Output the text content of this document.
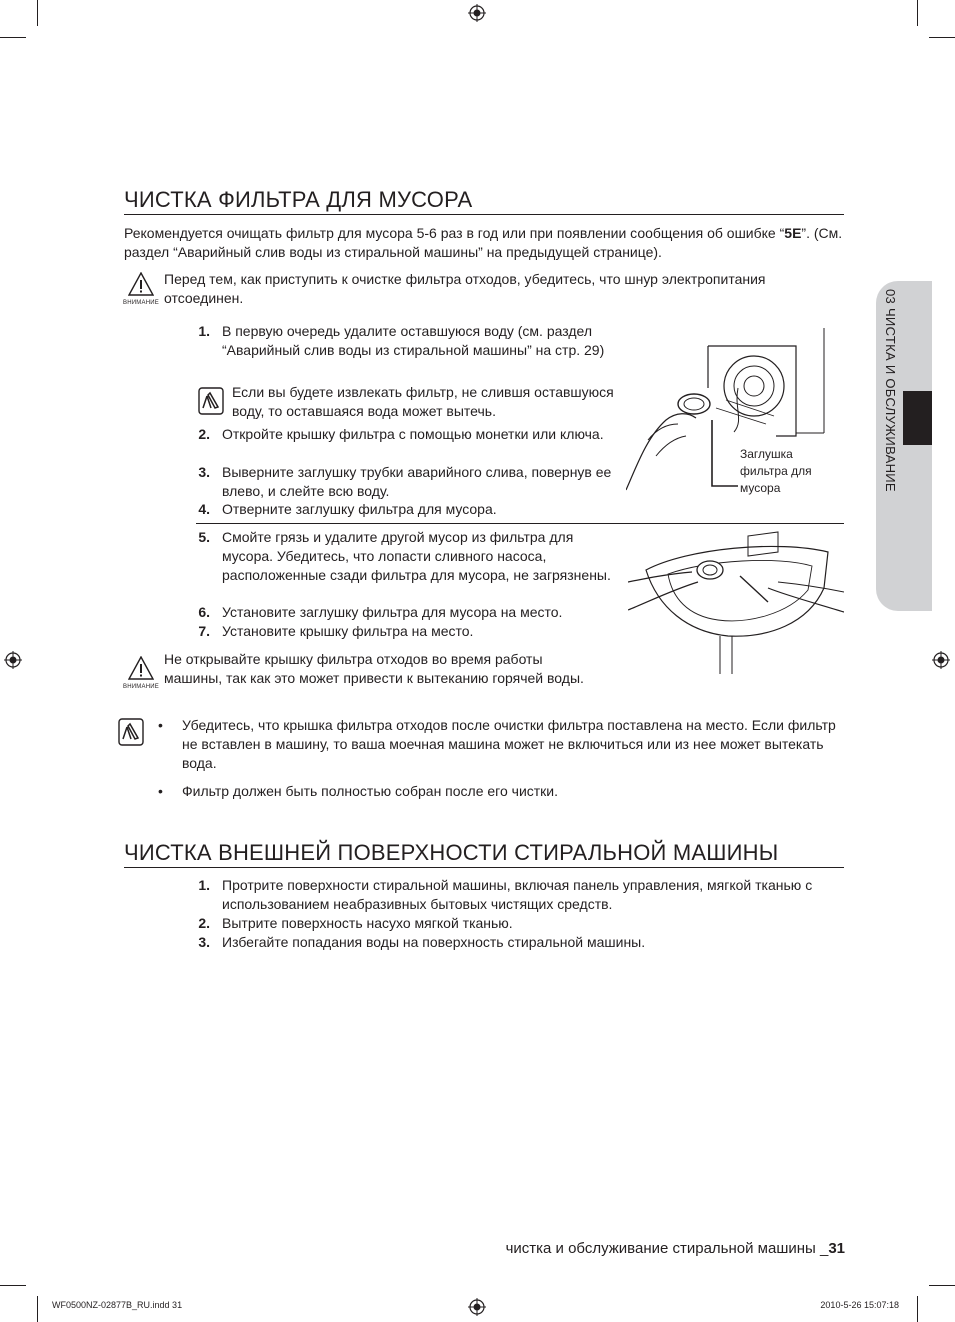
03 ЧИСТКА И ОБСЛУЖИВАНИЕ
ЧИСТКА ФИЛЬТРА ДЛЯ МУСОРА

Рекомендуется очищать фильтр для мусора 5-6 раз в год или при появлении сообщения об ошибке “5E”. (См. раздел “Аварийный слив воды из стиральной машины” на предыдущей странице).

ВНИМАНИЕ

Перед тем, как приступить к очистке фильтра отходов, убедитесь, что шнур электропитания отсоединен.

1. В первую очередь удалите оставшуюся воду (см. раздел “Аварийный слив воды из стиральной машины” на стр. 29)
Если вы будете извлекать фильтр, не слившя оставшуюся воду, то оставшаяся вода может вытечь.
2. Откройте крышку фильтра с помощью монетки или ключа.
3. Выверните заглушку трубки аварийного слива, повернув ее влево, и слейте всю воду.
4. Отверните заглушку фильтра для мусора.
Заглушка фильтра для мусора
5. Смойте грязь и удалите другой мусор из фильтра для мусора. Убедитесь, что лопасти сливного насоса, расположенные сзади фильтра для мусора, не загрязнены.
6. Установите заглушку фильтра для мусора на место.
7. Установите крышку фильтра на место.
ВНИМАНИЕ

Не открывайте крышку фильтра отходов во время работы машины, так как это может привести к вытеканию горячей воды.

• Убедитесь, что крышка фильтра отходов после очистки фильтра поставлена на место. Если фильтр не вставлен в машину, то ваша моечная машина может не включиться или из нее может вытекать вода.
• Фильтр должен быть полностью собран после его чистки.
ЧИСТКА ВНЕШНЕЙ ПОВЕРХНОСТИ СТИРАЛЬНОЙ МАШИНЫ
1. Протрите поверхности стиральной машины, включая панель управления, мягкой тканью с использованием неабразивных бытовых чистящих средств.
2. Вытрите поверхность насухо мягкой тканью.
3. Избегайте попадания воды на поверхность стиральной машины.
чистка и обслуживание стиральной машины _31
WF0500NZ-02877B_RU.indd 31	2010-5-26 15:07:18
